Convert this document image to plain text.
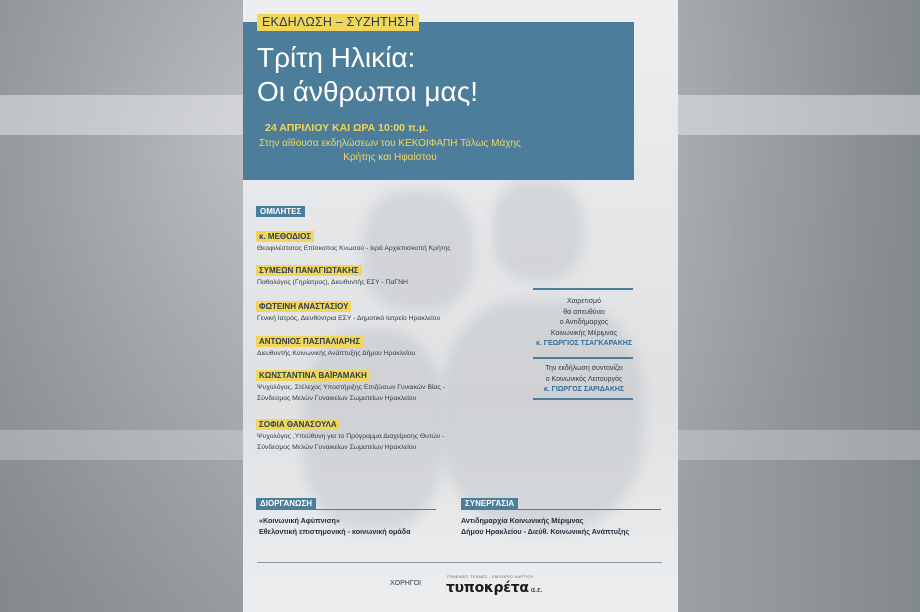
Τρίτη Ηλικία:
Οι άνθρωποι μας!
24 ΑΠΡΙΛΙΟΥ ΚΑΙ ΩΡΑ 10:00 π.μ.
Στην αίθουσα εκδηλώσεων του ΚΕΚΟΙΦΑΠΗ Τάλως Μάχης Κρήτης και Ηφαίστου
ΕΚΔΗΛΩΣΗ – ΣΥΖΗΤΗΣΗ
ΟΜΙΛΗΤΕΣ
κ. ΜΕΘΟΔΙΟΣ
Θεοφιλέστατος Επίσκοπος Κνωσού - Ιερά Αρχιεπισκοπή Κρήτης
ΣΥΜΕΩΝ ΠΑΝΑΓΙΩΤΑΚΗΣ
Παθολόγος (Γηρίατρος), Διευθυντής ΕΣΥ - ΠαΓΝΗ
ΦΩΤΕΙΝΗ ΑΝΑΣΤΑΣΙΟΥ
Γενική Ιατρός, Διευθύντρια ΕΣΥ - Δημοτικό Ιατρείο Ηρακλείου
ΑΝΤΩΝΙΟΣ ΠΑΣΠΑΛΙΑΡΗΣ
Διευθυντής Κοινωνικής Ανάπτυξης Δήμου Ηρακλείου
ΚΩΝΣΤΑΝΤΙΝΑ ΒΑΪΡΑΜΑΚΗ
Ψυχολόγος, Στέλεχος Υποστήριξης Επιζώσων Γυναικών Βίας -
Σύνδεσμος Μελών Γυναικείων Σωματείων Ηρακλείου
ΣΟΦΙΑ ΘΑΝΑΣΟΥΛΑ
Ψυχολόγος ,Υπεύθυνη για το Πρόγραμμα Διαχείρισης Θυτών -
Σύνδεσμος Μελών Γυναικείων Σωματείων Ηρακλείου
Χαιρετισμό
θα απευθύνει
ο Αντιδήμαρχος
Κοινωνικής Μέριμνας
κ. ΓΕΩΡΓΙΟΣ ΤΣΑΓΚΑΡΑΚΗΣ
Την εκδήλωση συντονίζει
ο Κοινωνικός Λειτουργός
κ. ΓΙΩΡΓΟΣ ΣΑΡΙΔΑΚΗΣ
ΔΙΟΡΓΑΝΩΣΗ
«Κοινωνική Αφύπνιση»
Εθελοντική επιστημονική - κοινωνική ομάδα
ΣΥΝΕΡΓΑΣΙΑ
Αντιδημαρχία Κοινωνικής Μέριμνας
Δήμου Ηρακλείου - Διεύθ. Κοινωνικής Ανάπτυξης
ΧΟΡΗΓΟΙ
ΓΡΑΦΙΚΕΣ ΤΕΧΝΕΣ - ΕΜΠΟΡΙΟ ΧΑΡΤΙΟΥ
τυποκρέτα α.ε.
